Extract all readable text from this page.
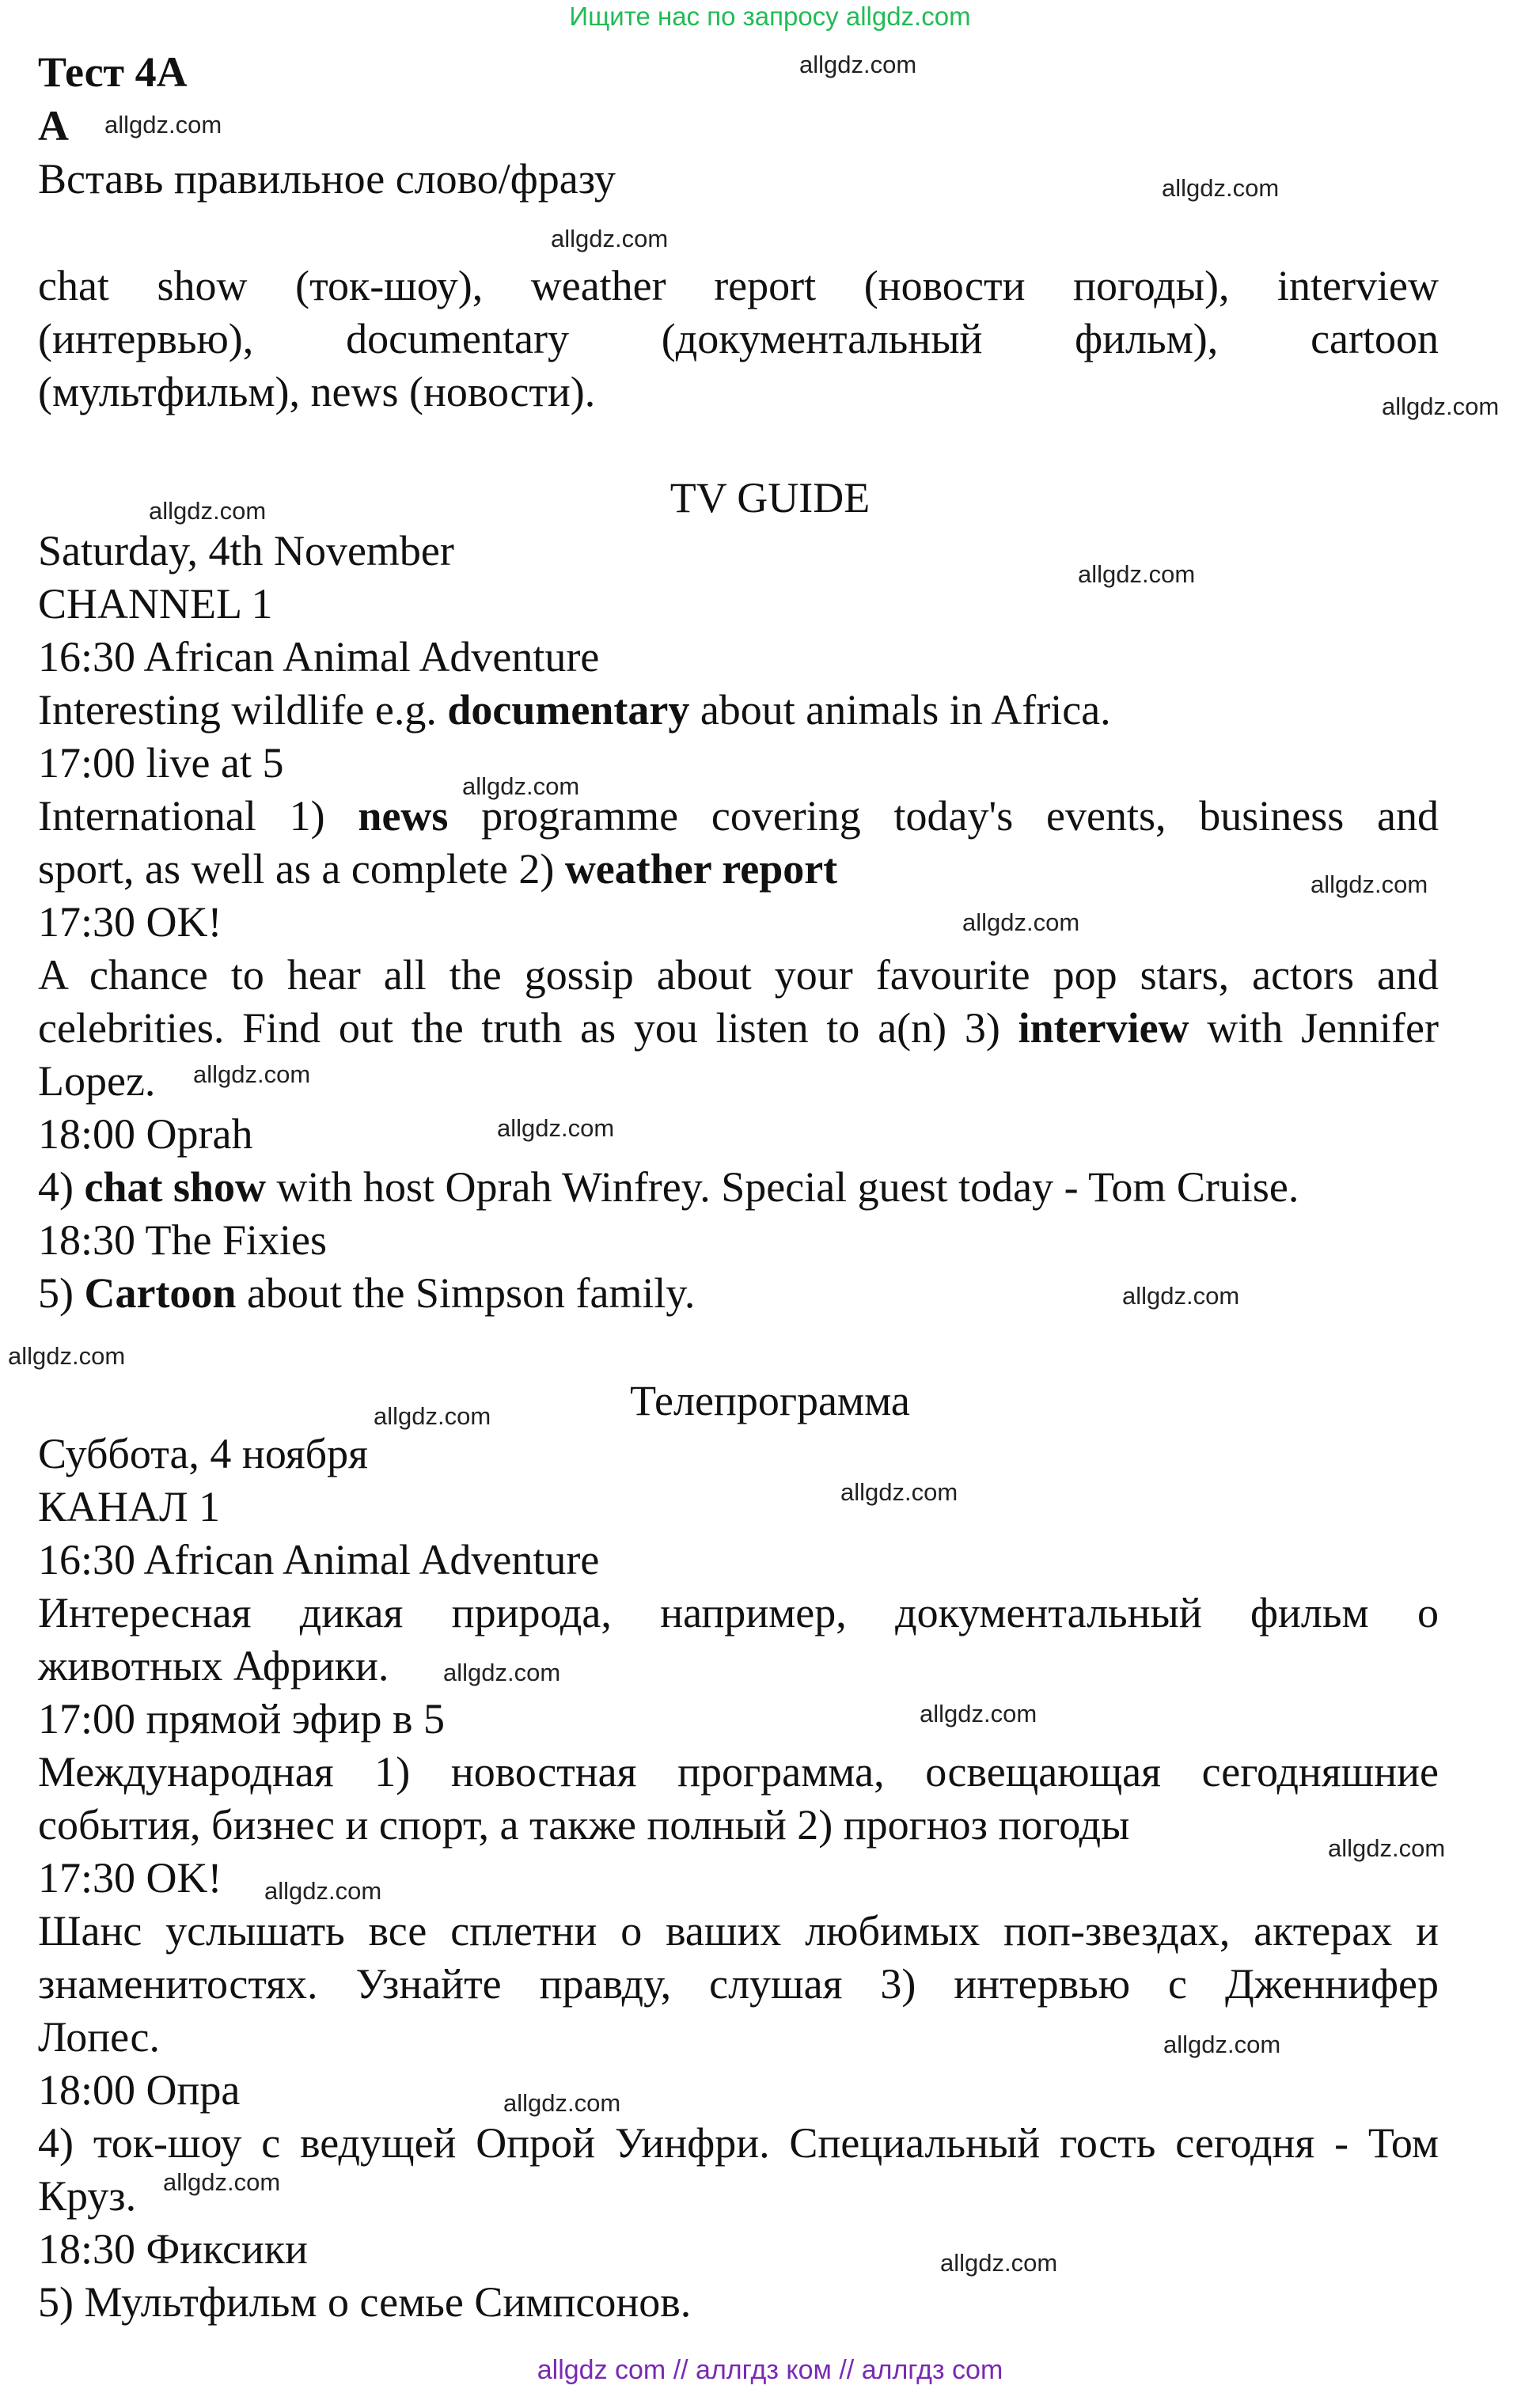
Ищите нас по запросу allgdz.com
allgdz com // аллгдз ком // аллгдз com
Тест 4A
A
Вставь правильное слово/фразу
chat show (ток-шоу), weather report (новости погоды), interview
(интервью), documentary (документальный фильм), cartoon
(мультфильм), news (новости).
TV GUIDE
Saturday, 4th November
CHANNEL 1
16:30 African Animal Adventure
Interesting wildlife e.g. documentary about animals in Africa.
17:00 live at 5
International 1) news programme covering today's events, business and
sport, as well as a complete 2) weather report
17:30 OK!
A chance to hear all the gossip about your favourite pop stars, actors and
celebrities. Find out the truth as you listen to a(n) 3) interview with Jennifer
Lopez.
18:00 Oprah
4) chat show with host Oprah Winfrey. Special guest today - Tom Cruise.
18:30 The Fixies
5) Cartoon about the Simpson family.
Телепрограмма
Суббота, 4 ноября
КАНАЛ 1
16:30 African Animal Adventure
Интересная дикая природа, например, документальный фильм о
животных Африки.
17:00 прямой эфир в 5
Международная 1) новостная программа, освещающая сегодняшние
события, бизнес и спорт, а также полный 2) прогноз погоды
17:30 OK!
Шанс услышать все сплетни о ваших любимых поп-звездах, актерах и
знаменитостях. Узнайте правду, слушая 3) интервью с Дженнифер
Лопес.
18:00 Опра
4) ток-шоу с ведущей Опрой Уинфри. Специальный гость сегодня - Том
Круз.
18:30 Фиксики
5) Мультфильм о семье Симпсонов.
allgdz.com
allgdz.com
allgdz.com
allgdz.com
allgdz.com
allgdz.com
allgdz.com
allgdz.com
allgdz.com
allgdz.com
allgdz.com
allgdz.com
allgdz.com
allgdz.com
allgdz.com
allgdz.com
allgdz.com
allgdz.com
allgdz.com
allgdz.com
allgdz.com
allgdz.com
allgdz.com
allgdz.com
